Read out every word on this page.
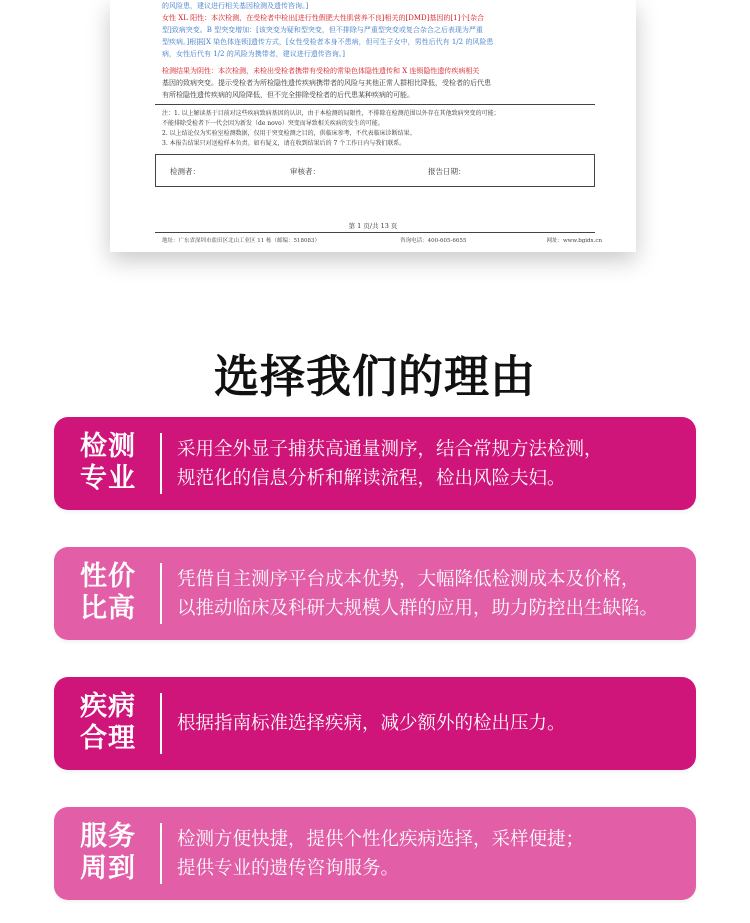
的风险患，建议进行相关基因检测及遗传咨询。]
女性 XL 阳性：本次检测，在受检者中检出[进行性假肥大性肌营养不良]相关的[DMD]基因的[1]个[杂合
型]致病突变。B 型突变增加：[该突变为疑和型突变，但不排除与严重型突变或复合杂合之后表现为严重
型疾病。]根据[X 染色体连锁]遗传方式，[女性受检者本身不患病，但可生子女中，男性后代有 1/2 的风险患
病，女性后代有 1/2 的风险为携带者，建议进行遗传咨询。]
检测结果为阴性：本次检测，未检出受检者携带有受检的常染色体隐性遗传和 X 连锁隐性遗传疾病相关
基因的致病突变。提示受检者为所检隐性遗传疾病携带者的风险与其他正常人群相比降低，受检者的后代患
有所检隐性遗传疾病的风险降低，但不完全排除受检者的后代患某种疾病的可能。
注：1. 以上解读基于目前对这些疾病致病基因的认识，由于本检测的局限性，不排除在检测范围以外存在其他致病突变的可能；
不能排除受检者下一代会因为新发（de novo）突变而导致相关疾病的发生的可能。
2. 以上结论仅为实验室检测数据，仅用于突变检测之目的，供临床参考，不代表临床诊断结果。
3. 本报告结果只对送检样本负责。如有疑义，请在收到结果后的 7 个工作日内与我们联系。
检测者：	审核者：	报告日期：
第 1 页/共 13 页
地址：广东省深圳市盐田区北山工业区 11 栋（邮编：518083）	咨询电话：400-605-6655	网址：www.bgidx.cn
选择我们的理由
检测
专业
采用全外显子捕获高通量测序，结合常规方法检测，
规范化的信息分析和解读流程，检出风险夫妇。
性价
比高
凭借自主测序平台成本优势，大幅降低检测成本及价格，
以推动临床及科研大规模人群的应用，助力防控出生缺陷。
疾病
合理	根据指南标准选择疾病，减少额外的检出压力。
服务
周到
检测方便快捷，提供个性化疾病选择，采样便捷；
提供专业的遗传咨询服务。
